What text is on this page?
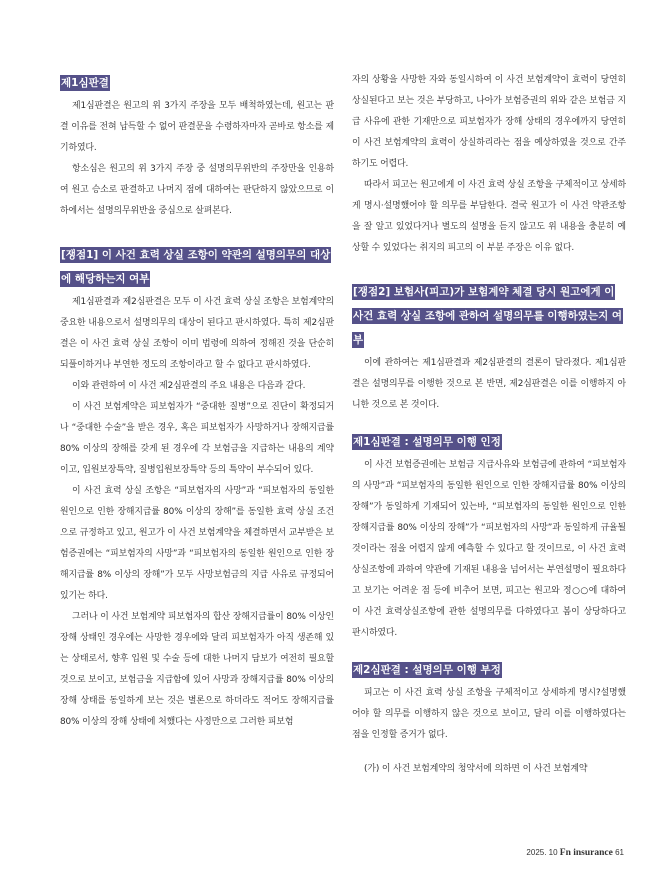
제1심판결

제1심판결은 원고의 위 3가지 주장을 모두 배척하였는데, 원고는 판결 이유를 전혀 납득할 수 없어 판결문을 수령하자마자 곧바로 항소를 제기하였다.

항소심은 원고의 위 3가지 주장 중 설명의무위반의 주장만을 인용하여 원고 승소로 판결하고 나머지 점에 대하여는 판단하지 않았으므로 이하에서는 설명의무위반을 중심으로 살펴본다.

[쟁점1] 이 사건 효력 상실 조항이 약관의 설명의무의 대상에 해당하는지 여부

제1심판결과 제2심판결은 모두 이 사건 효력 상실 조항은 보험계약의 중요한 내용으로서 설명의무의 대상이 된다고 판시하였다. 특히 제2심판결은 이 사건 효력 상실 조항이 이미 법령에 의하여 정해진 것을 단순히 되풀이하거나 부연한 정도의 조항이라고 할 수 없다고 판시하였다.

이와 관련하여 이 사건 제2심판결의 주요 내용은 다음과 같다.

이 사건 보험계약은 피보험자가 “중대한 질병”으로 진단이 확정되거나 “중대한 수술”을 받은 경우, 혹은 피보험자가 사망하거나 장해지급률 80% 이상의 장해를 갖게 된 경우에 각 보험금을 지급하는 내용의 계약이고, 입원보장특약, 질병입원보장특약 등의 특약이 부수되어 있다.

이 사건 효력 상실 조항은 “피보험자의 사망”과 “피보험자의 동일한 원인으로 인한 장해지급률 80% 이상의 장해”를 동일한 효력 상실 조건으로 규정하고 있고, 원고가 이 사건 보험계약을 체결하면서 교부받은 보험증권에는 “피보험자의 사망”과 “피보험자의 동일한 원인으로 인한 장해지급률 8% 이상의 장해”가 모두 사망보험금의 지급 사유로 규정되어 있기는 하다.

그러나 이 사건 보험계약 피보험자의 합산 장해지급률이 80% 이상인 장해 상태인 경우에는 사망한 경우에와 달리 피보험자가 아직 생존해 있는 상태로서, 향후 입원 및 수술 등에 대한 나머지 담보가 여전히 필요할 것으로 보이고, 보험금을 지급함에 있어 사망과 장해지급률 80% 이상의 장해 상태를 동일하게 보는 것은 별론으로 하더라도 적어도 장해지급률 80% 이상의 장해 상태에 처했다는 사정만으로 그러한 피보험

자의 상황을 사망한 자와 동일시하여 이 사건 보험계약이 효력이 당연히 상실된다고 보는 것은 부당하고, 나아가 보험증권의 위와 같은 보험금 지급 사유에 관한 기재만으로 피보험자가 장해 상태의 경우에까지 당연히 이 사건 보험계약의 효력이 상실하리라는 점을 예상하였을 것으로 간주하기도 어렵다.

따라서 피고는 원고에게 이 사건 효력 상실 조항을 구체적이고 상세하게 명시·설명했어야 할 의무를 부담한다. 결국 원고가 이 사건 약관조항을 잘 알고 있었다거나 별도의 설명을 듣지 않고도 위 내용을 충분히 예상할 수 있었다는 취지의 피고의 이 부분 주장은 이유 없다.

[쟁점2] 보험사(피고)가 보험계약 체결 당시 원고에게 이 사건 효력 상실 조항에 관하여 설명의무를 이행하였는지 여부

이에 관하여는 제1심판결과 제2심판결의 결론이 달라졌다. 제1심판결은 설명의무를 이행한 것으로 본 반면, 제2심판결은 이를 이행하지 아니한 것으로 본 것이다.

제1심판결 : 설명의무 이행 인정

이 사건 보험증권에는 보험금 지급사유와 보험금에 관하여 “피보험자의 사망”과 “피보험자의 동일한 원인으로 인한 장해지급률 80% 이상의 장해”가 동일하게 기재되어 있는바, “피보험자의 동일한 원인으로 인한 장해지급률 80% 이상의 장해”가 “피보험자의 사망”과 동일하게 규율될 것이라는 점을 어렵지 않게 예측할 수 있다고 할 것이므로, 이 사건 효력 상실조항에 과하여 약관에 기재된 내용을 넘어서는 부연설명이 필요하다고 보기는 어려운 점 등에 비추어 보면, 피고는 원고와 정○○에 대하여 이 사건 효력상실조항에 관한 설명의무를 다하였다고 봄이 상당하다고 판시하였다.

제2심판결 : 설명의무 이행 부정

피고는 이 사건 효력 상실 조항을 구체적이고 상세하게 명시?설명했어야 할 의무를 이행하지 않은 것으로 보이고, 달리 이를 이행하였다는 점을 인정할 증거가 없다.

(가) 이 사건 보험계약의 청약서에 의하면 이 사건 보험계약

2025. 10 Fn insurance 61
